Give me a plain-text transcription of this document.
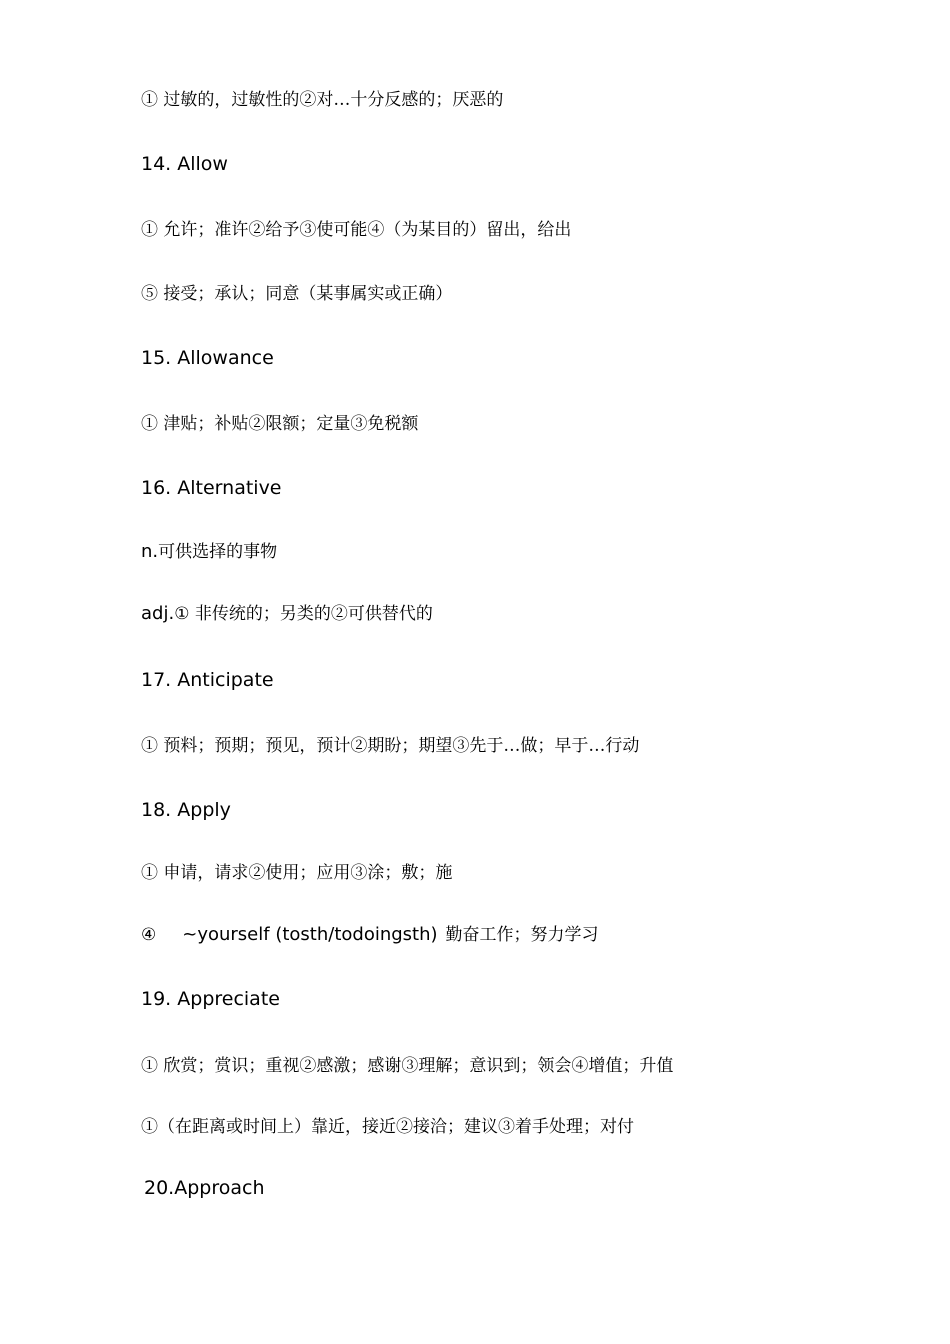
① 过敏的，过敏性的②对…十分反感的；厌恶的
14. Allow
① 允许；准许②给予③使可能④（为某目的）留出，给出
⑤ 接受；承认；同意（某事属实或正确）
15. Allowance
① 津贴；补贴②限额；定量③免税额
16. Alternative
n.可供选择的事物
adj.① 非传统的；另类的②可供替代的
17. Anticipate
① 预料；预期；预见，预计②期盼；期望③先于…做；早于…行动
18. Apply
① 申请，请求②使用；应用③涂；敷；施
④ ~yourself (tosth/todoingsth) 勤奋工作；努力学习
19. Appreciate
① 欣赏；赏识；重视②感激；感谢③理解；意识到；领会④增值；升值
①（在距离或时间上）靠近，接近②接洽；建议③着手处理；对付
20.Approach
